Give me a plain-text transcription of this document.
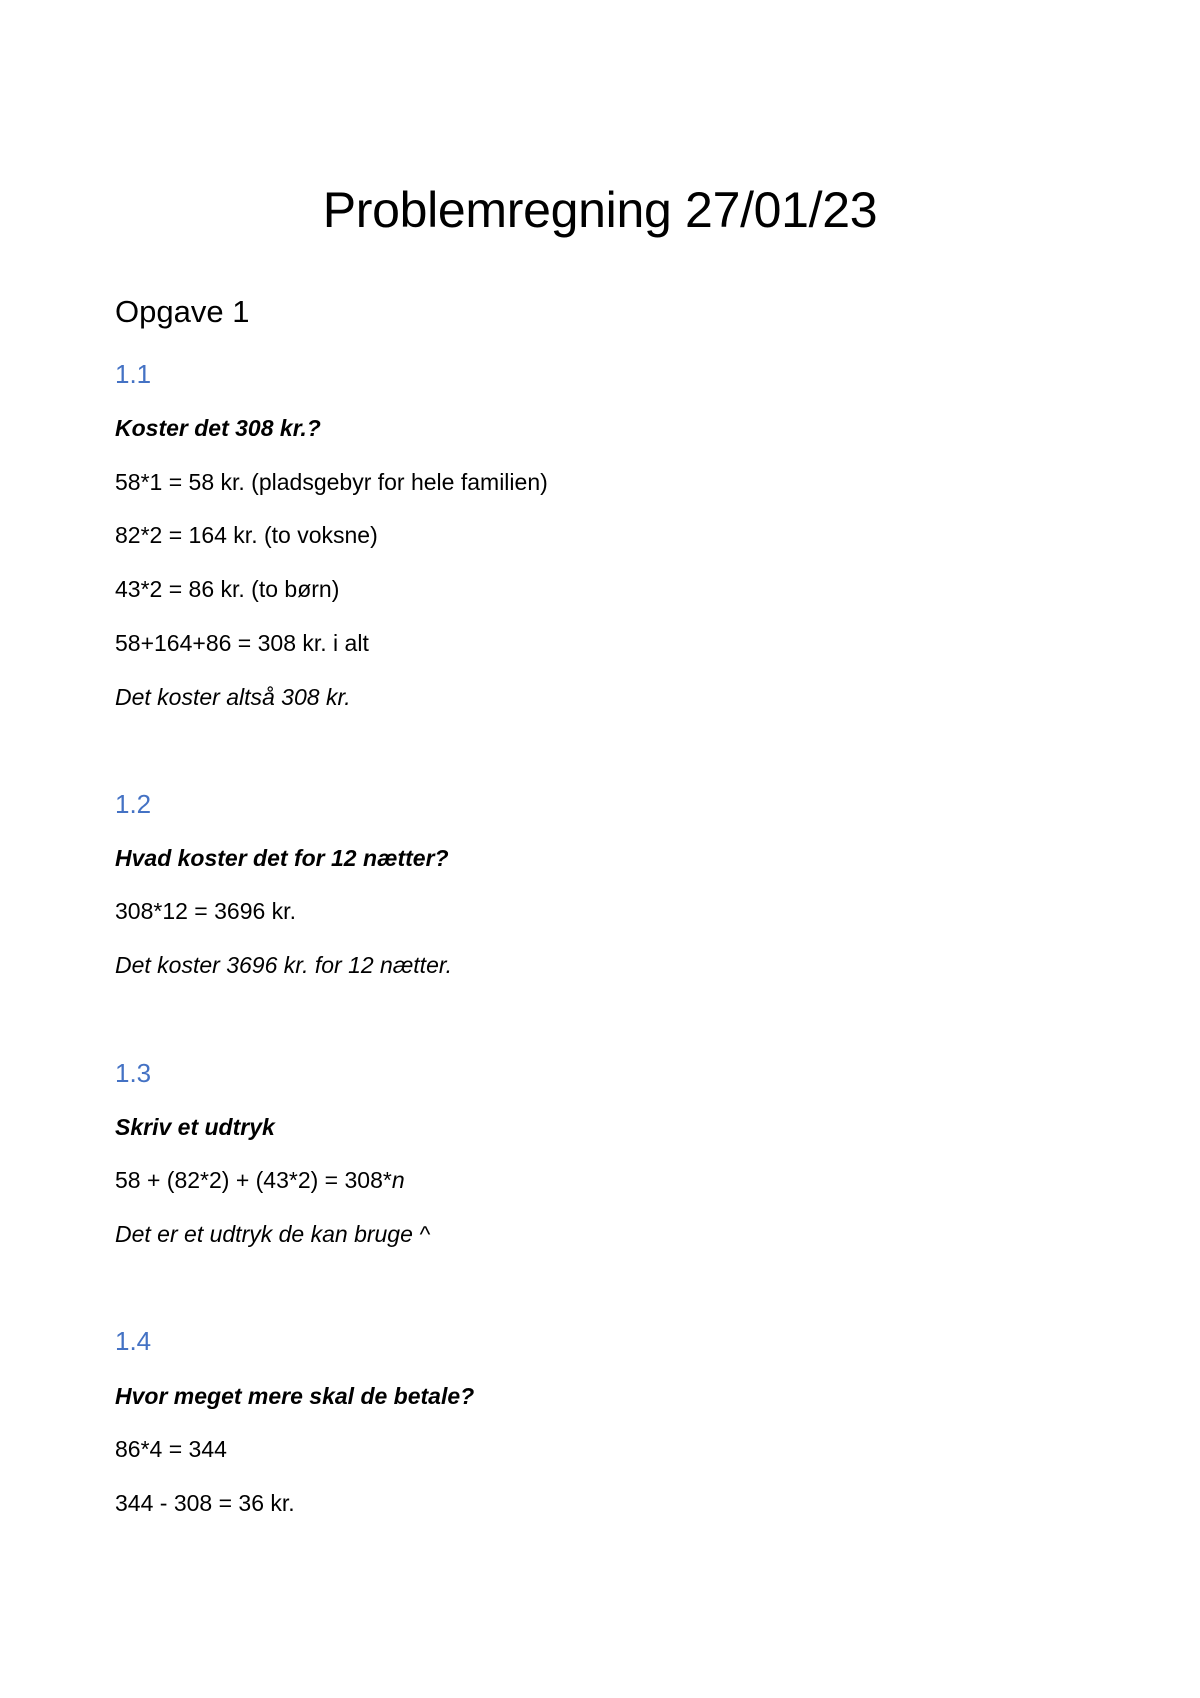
Problemregning 27/01/23
Opgave 1
1.1

Koster det 308 kr.?

58*1 = 58 kr. (pladsgebyr for hele familien)

82*2 = 164 kr. (to voksne)

43*2 = 86 kr. (to børn)

58+164+86 = 308 kr. i alt

Det koster altså 308 kr.

1.2

Hvad koster det for 12 nætter?

308*12 = 3696 kr.

Det koster 3696 kr. for 12 nætter.

1.3

Skriv et udtryk

58 + (82*2) + (43*2) = 308*n

Det er et udtryk de kan bruge ^

1.4

Hvor meget mere skal de betale?

86*4 = 344

344 - 308 = 36 kr.
